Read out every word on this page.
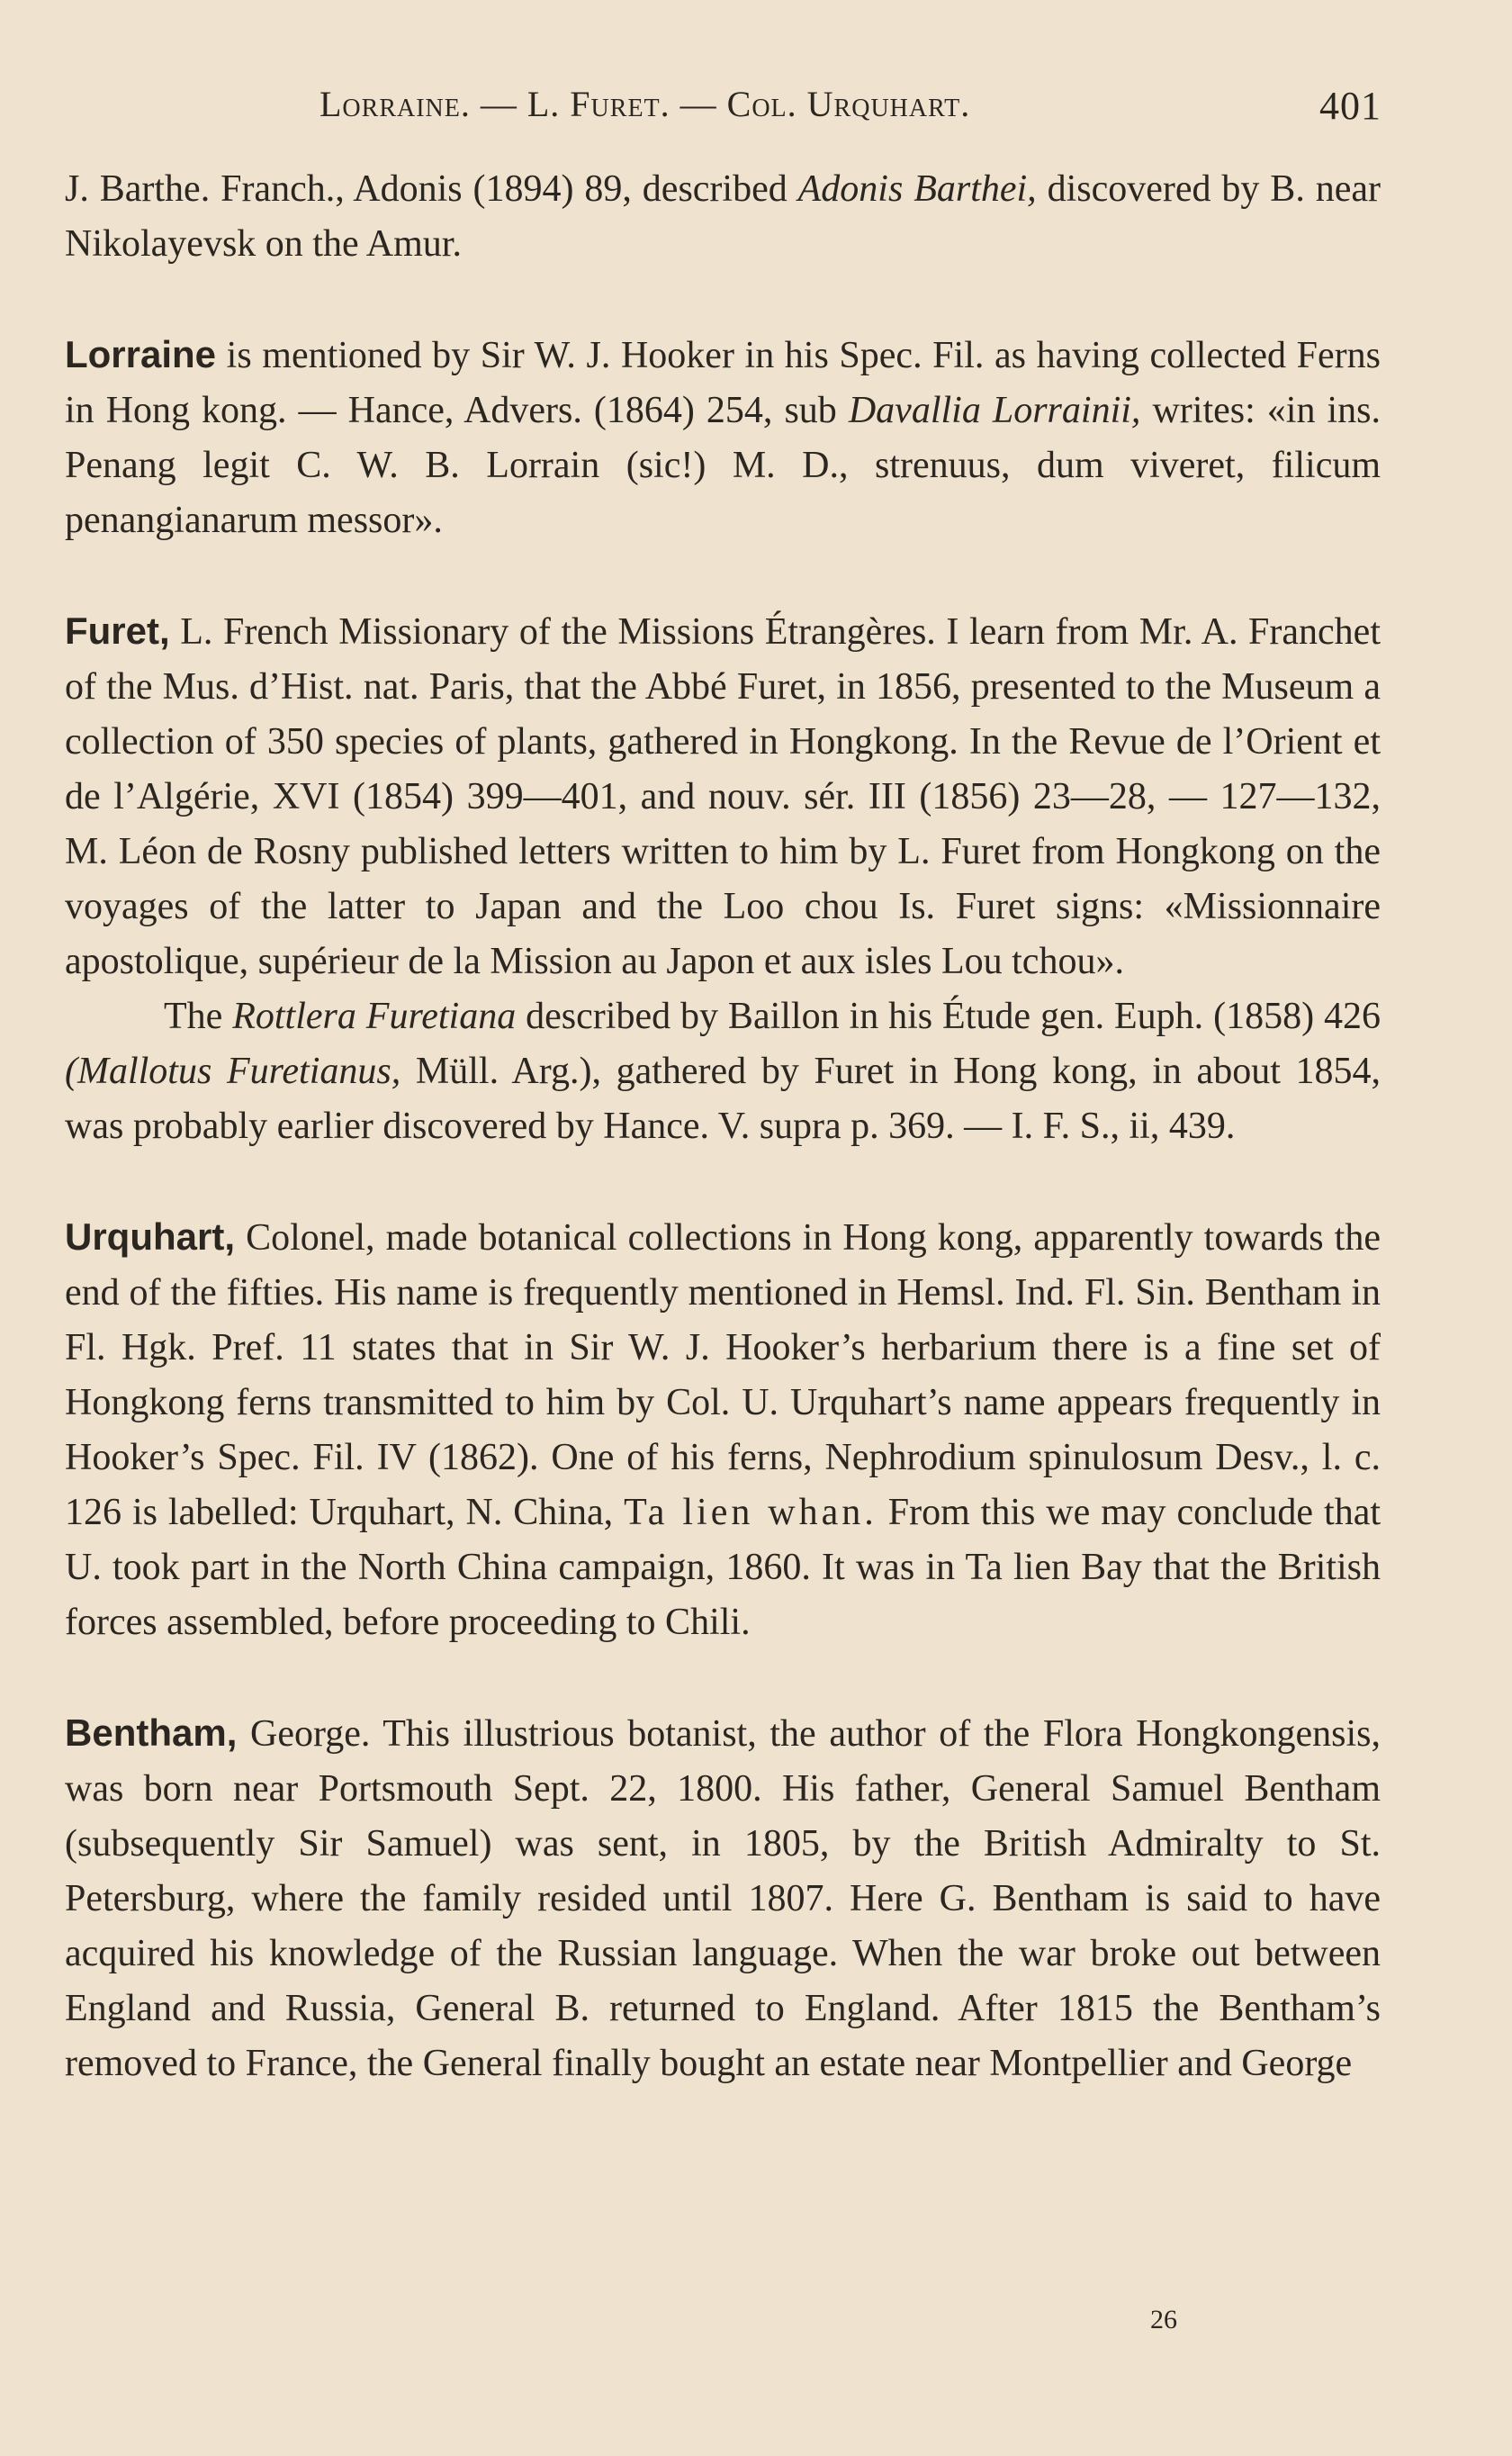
Lorraine. — L. Furet. — Col. Urquhart.	401

J. Barthe. Franch., Adonis (1894) 89, described Adonis Barthei, discovered by B. near Nikolayevsk on the Amur.

Lorraine is mentioned by Sir W. J. Hooker in his Spec. Fil. as having collected Ferns in Hong kong. — Hance, Advers. (1864) 254, sub Davallia Lorrainii, writes: «in ins. Penang legit C. W. B. Lorrain (sic!) M. D., strenuus, dum viveret, filicum penangianarum messor».

Furet, L. French Missionary of the Missions Étrangères. I learn from Mr. A. Franchet of the Mus. d’Hist. nat. Paris, that the Abbé Furet, in 1856, presented to the Museum a collection of 350 species of plants, gathered in Hongkong. In the Revue de l’Orient et de l’Algérie, XVI (1854) 399—401, and nouv. sér. III (1856) 23—28, — 127—132, M. Léon de Rosny published letters written to him by L. Furet from Hongkong on the voyages of the latter to Japan and the Loo chou Is. Furet signs: «Missionnaire apostolique, supérieur de la Mission au Japon et aux isles Lou tchou».

The Rottlera Furetiana described by Baillon in his Étude gen. Euph. (1858) 426 (Mallotus Furetianus, Müll. Arg.), gathered by Furet in Hong kong, in about 1854, was probably earlier discovered by Hance. V. supra p. 369. — I. F. S., ii, 439.

Urquhart, Colonel, made botanical collections in Hong kong, apparently towards the end of the fifties. His name is frequently mentioned in Hemsl. Ind. Fl. Sin. Bentham in Fl. Hgk. Pref. 11 states that in Sir W. J. Hooker’s herbarium there is a fine set of Hongkong ferns transmitted to him by Col. U. Urquhart’s name appears frequently in Hooker’s Spec. Fil. IV (1862). One of his ferns, Nephrodium spinulosum Desv., l. c. 126 is labelled: Urquhart, N. China, Ta lien whan. From this we may conclude that U. took part in the North China campaign, 1860. It was in Ta lien Bay that the British forces assembled, before proceeding to Chili.

Bentham, George. This illustrious botanist, the author of the Flora Hongkongensis, was born near Portsmouth Sept. 22, 1800. His father, General Samuel Bentham (subsequently Sir Samuel) was sent, in 1805, by the British Admiralty to St. Petersburg, where the family resided until 1807. Here G. Bentham is said to have acquired his knowledge of the Russian language. When the war broke out between England and Russia, General B. returned to England. After 1815 the Bentham’s removed to France, the General finally bought an estate near Montpellier and George

26
